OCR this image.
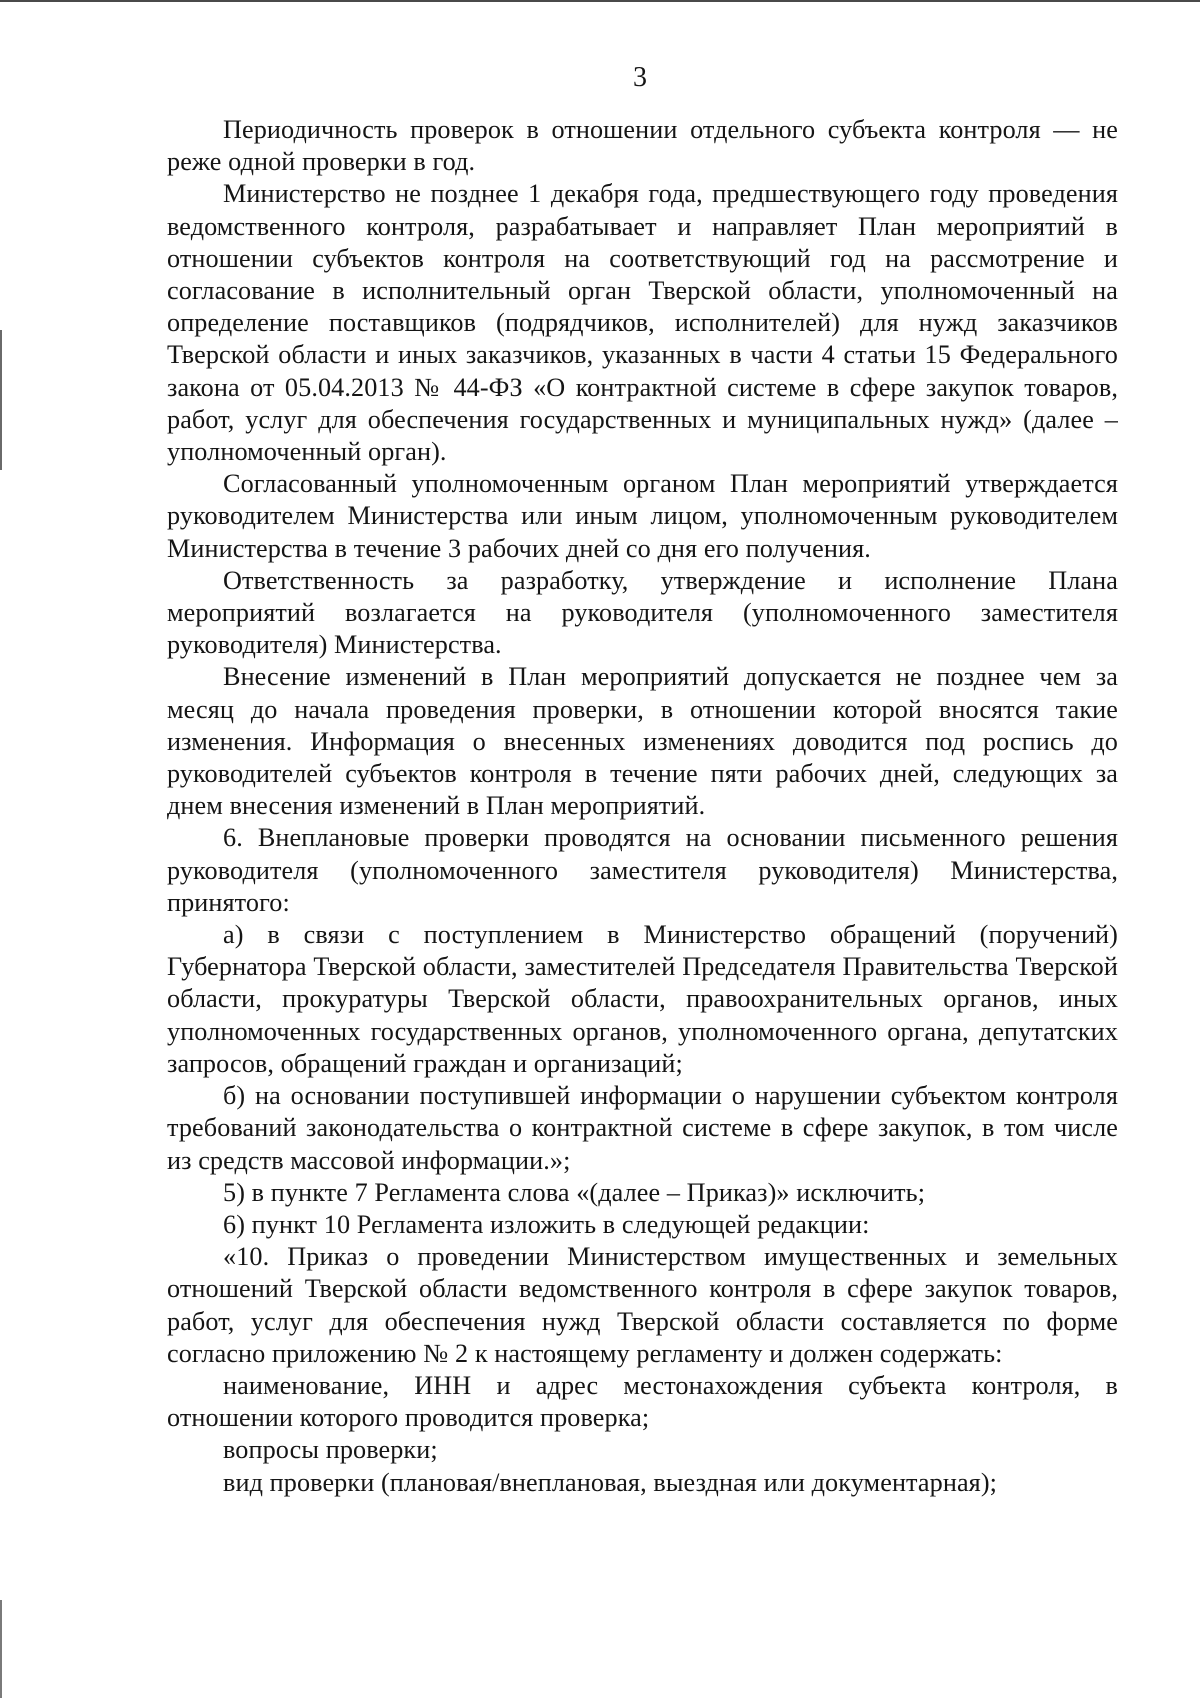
3

Периодичность проверок в отношении отдельного субъекта контроля — не реже одной проверки в год.

Министерство не позднее 1 декабря года, предшествующего году проведения ведомственного контроля, разрабатывает и направляет План мероприятий в отношении субъектов контроля на соответствующий год на рассмотрение и согласование в исполнительный орган Тверской области, уполномоченный на определение поставщиков (подрядчиков, исполнителей) для нужд заказчиков Тверской области и иных заказчиков, указанных в части 4 статьи 15 Федерального закона от 05.04.2013 № 44-ФЗ «О контрактной системе в сфере закупок товаров, работ, услуг для обеспечения государственных и муниципальных нужд» (далее – уполномоченный орган).

Согласованный уполномоченным органом План мероприятий утверждается руководителем Министерства или иным лицом, уполномоченным руководителем Министерства в течение 3 рабочих дней со дня его получения.

Ответственность за разработку, утверждение и исполнение Плана мероприятий возлагается на руководителя (уполномоченного заместителя руководителя) Министерства.

Внесение изменений в План мероприятий допускается не позднее чем за месяц до начала проведения проверки, в отношении которой вносятся такие изменения. Информация о внесенных изменениях доводится под роспись до руководителей субъектов контроля в течение пяти рабочих дней, следующих за днем внесения изменений в План мероприятий.

6. Внеплановые проверки проводятся на основании письменного решения руководителя (уполномоченного заместителя руководителя) Министерства, принятого:

а) в связи с поступлением в Министерство обращений (поручений) Губернатора Тверской области, заместителей Председателя Правительства Тверской области, прокуратуры Тверской области, правоохранительных органов, иных уполномоченных государственных органов, уполномоченного органа, депутатских запросов, обращений граждан и организаций;

б) на основании поступившей информации о нарушении субъектом контроля требований законодательства о контрактной системе в сфере закупок, в том числе из средств массовой информации.»;

5) в пункте 7 Регламента слова «(далее – Приказ)» исключить;

6) пункт 10 Регламента изложить в следующей редакции:

«10. Приказ о проведении Министерством имущественных и земельных отношений Тверской области ведомственного контроля в сфере закупок товаров, работ, услуг для обеспечения нужд Тверской области составляется по форме согласно приложению № 2 к настоящему регламенту и должен содержать:

наименование, ИНН и адрес местонахождения субъекта контроля, в отношении которого проводится проверка;

вопросы проверки;

вид проверки (плановая/внеплановая, выездная или документарная);
